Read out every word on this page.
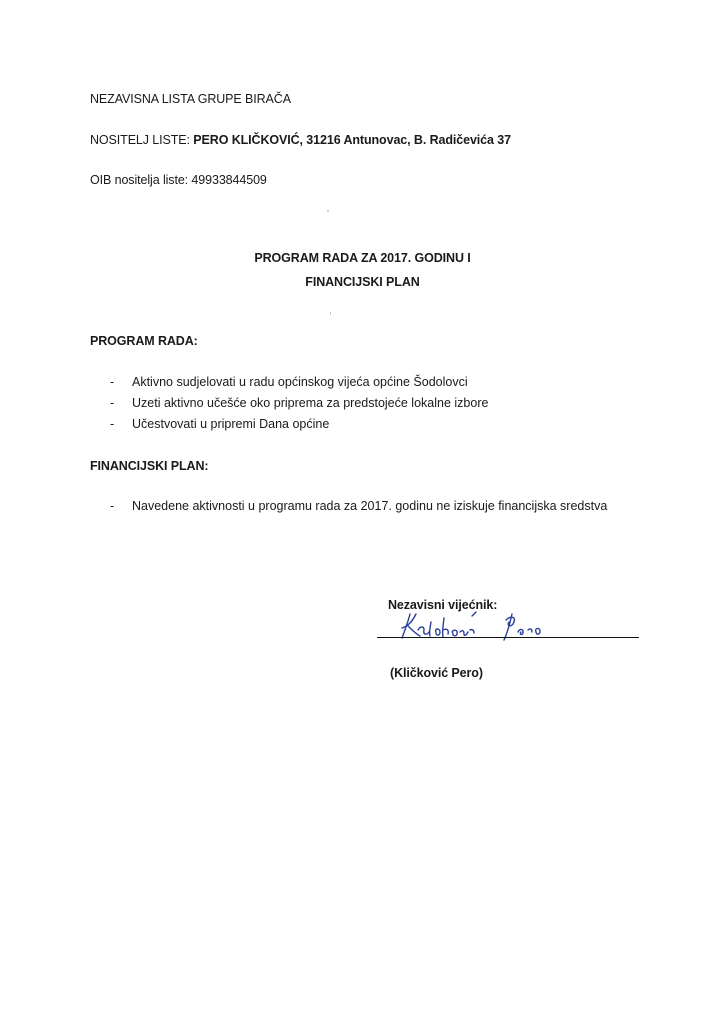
NEZAVISNA LISTA GRUPE BIRAČA
NOSITELJ LISTE: PERO KLIČKOVIĆ, 31216 Antunovac, B. Radičevića 37
OIB nositelja liste: 49933844509
PROGRAM RADA ZA 2017. GODINU I
FINANCIJSKI PLAN
PROGRAM RADA:
-	Aktivno sudjelovati u radu općinskog vijeća općine Šodolovci
-	Uzeti aktivno učešće oko priprema za predstojeće lokalne izbore
-	Učestvovati u pripremi Dana općine
FINANCIJSKI PLAN:
-	Navedene aktivnosti u programu rada za 2017. godinu ne iziskuje financijska sredstva
Nezavisni vijećnik:
(Kličković Pero)
